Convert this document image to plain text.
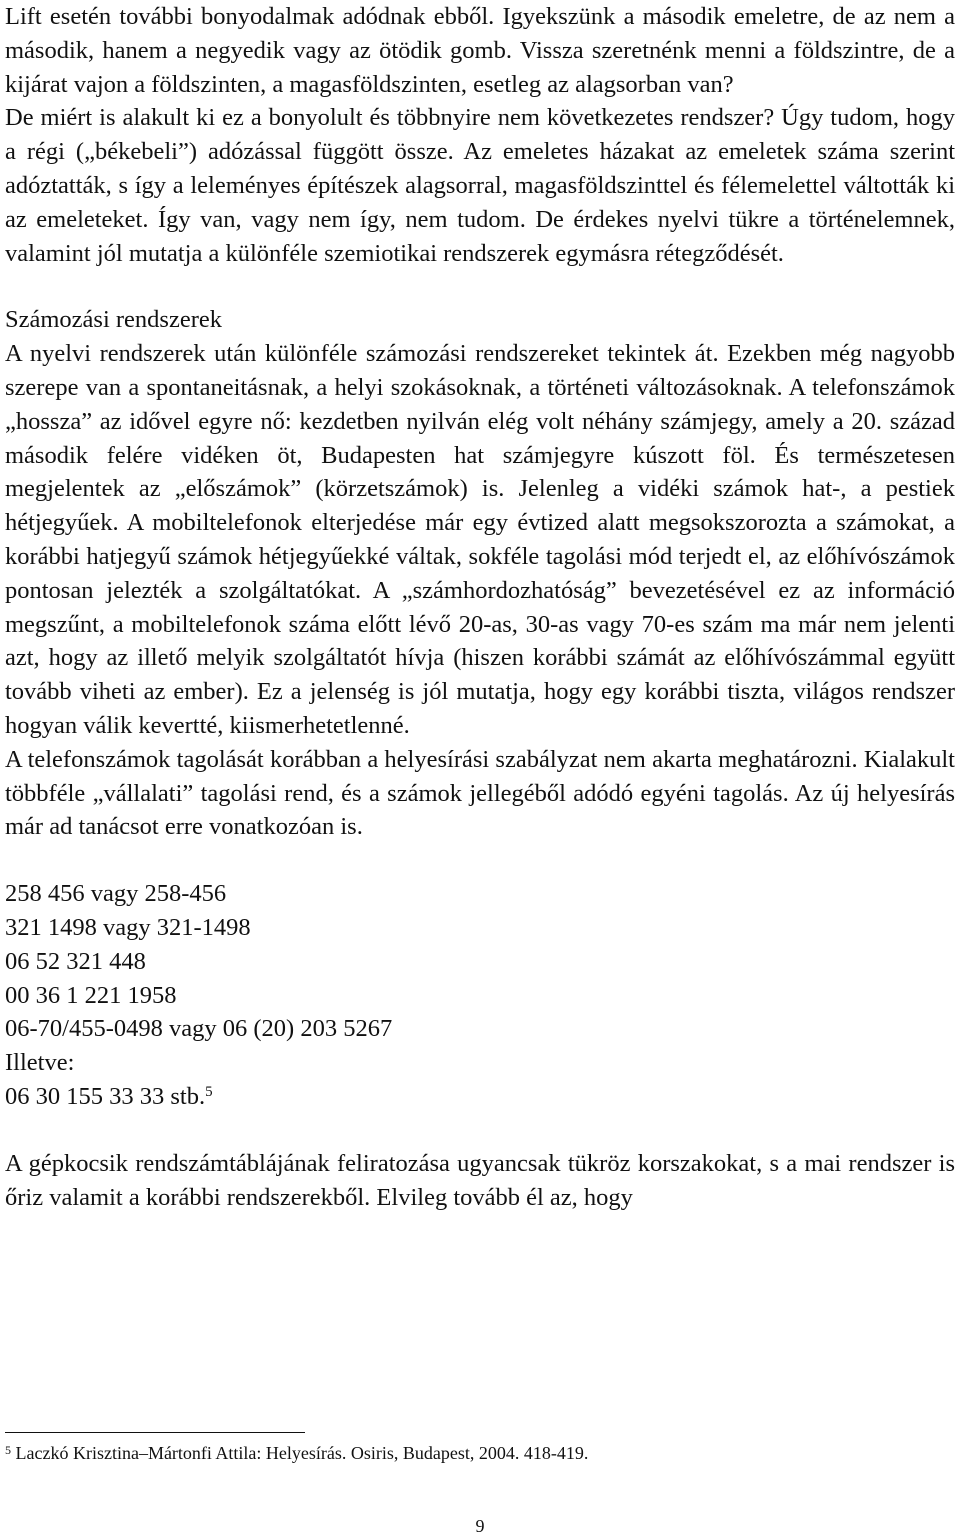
Lift esetén további bonyodalmak adódnak ebből. Igyekszünk a második emeletre, de az nem a második, hanem a negyedik vagy az ötödik gomb. Vissza szeretnénk menni a földszintre, de a kijárat vajon a földszinten, a magasföldszinten, esetleg az alagsorban van?

De miért is alakult ki ez a bonyolult és többnyire nem következetes rendszer? Úgy tudom, hogy a régi („békebeli”) adózással függött össze. Az emeletes házakat az emeletek száma szerint adóztatták, s így a leleményes építészek alagsorral, magasföldszinttel és félemelettel váltották ki az emeleteket. Így van, vagy nem így, nem tudom. De érdekes nyelvi tükre a történelemnek, valamint jól mutatja a különféle szemiotikai rendszerek egymásra rétegződését.

Számozási rendszerek

A nyelvi rendszerek után különféle számozási rendszereket tekintek át. Ezekben még nagyobb szerepe van a spontaneitásnak, a helyi szokásoknak, a történeti változásoknak. A telefonszámok „hossza” az idővel egyre nő: kezdetben nyilván elég volt néhány számjegy, amely a 20. század második felére vidéken öt, Budapesten hat számjegyre kúszott föl. És természetesen megjelentek az „előszámok” (körzetszámok) is. Jelenleg a vidéki számok hat-, a pestiek hétjegyűek. A mobiltelefonok elterjedése már egy évtized alatt megsokszorozta a számokat, a korábbi hatjegyű számok hétjegyűekké váltak, sokféle tagolási mód terjedt el, az előhívószámok pontosan jelezték a szolgáltatókat. A „számhordozhatóság” bevezetésével ez az információ megszűnt, a mobiltelefonok száma előtt lévő 20-as, 30-as vagy 70-es szám ma már nem jelenti azt, hogy az illető melyik szolgáltatót hívja (hiszen korábbi számát az előhívószámmal együtt tovább viheti az ember). Ez a jelenség is jól mutatja, hogy egy korábbi tiszta, világos rendszer hogyan válik kevertté, kiismerhetetlenné.

A telefonszámok tagolását korábban a helyesírási szabályzat nem akarta meghatározni. Kialakult többféle „vállalati” tagolási rend, és a számok jellegéből adódó egyéni tagolás. Az új helyesírás már ad tanácsot erre vonatkozóan is.

258 456 vagy 258-456
321 1498 vagy 321-1498
06 52 321 448
00 36 1 221 1958
06-70/455-0498 vagy 06 (20) 203 5267
Illetve:
06 30 155 33 33 stb.$^5$

A gépkocsik rendszámtáblájának feliratozása ugyancsak tükröz korszakokat, s a mai rendszer is őriz valamit a korábbi rendszerekből. Elvileg tovább él az, hogy

$^5$ Laczkó Krisztina–Mártonfi Attila: Helyesírás. Osiris, Budapest, 2004. 418-419.
9
